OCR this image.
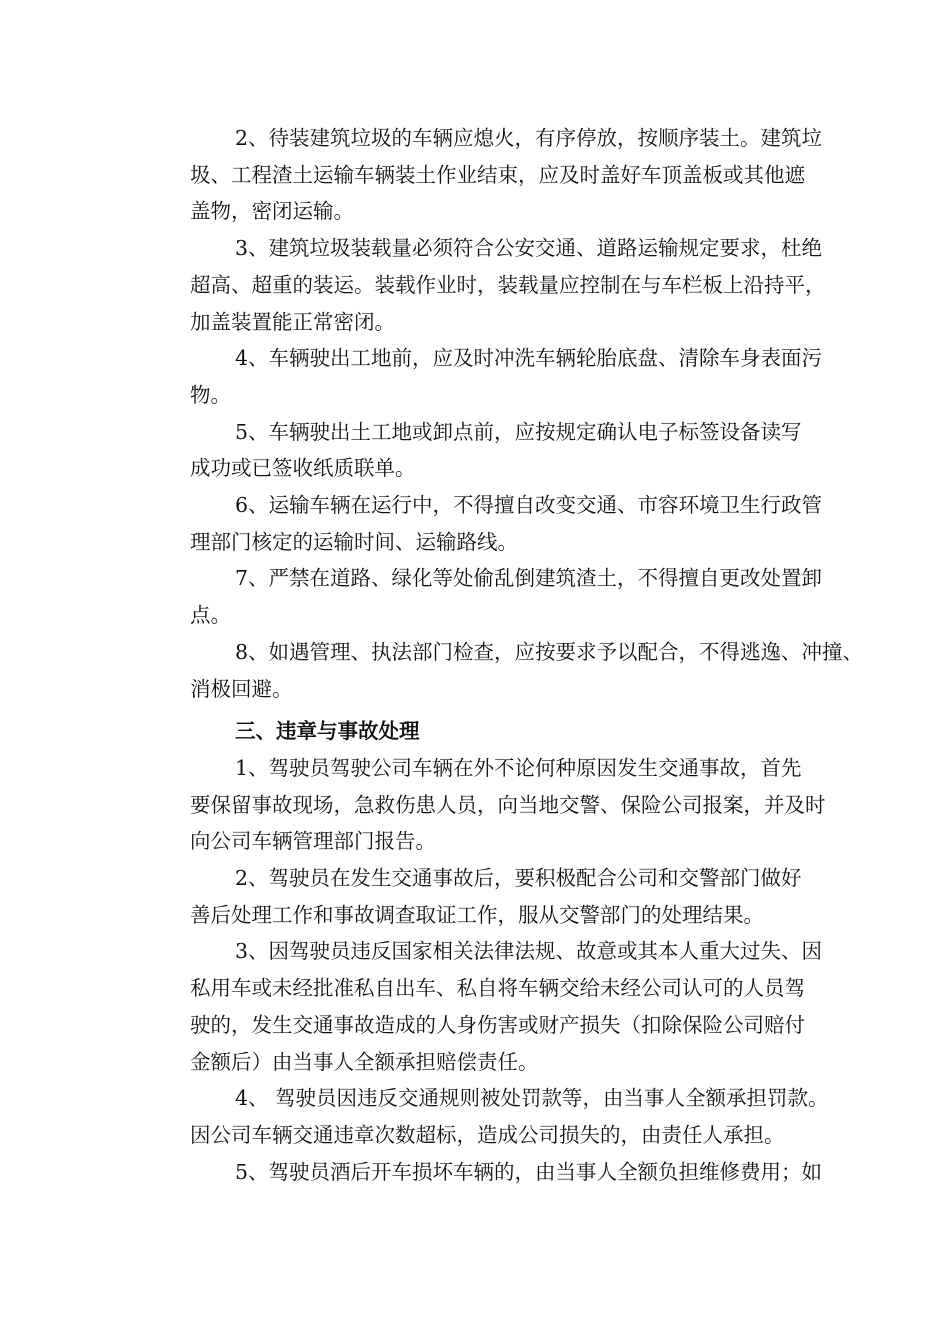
2、待装建筑垃圾的车辆应熄火，有序停放，按顺序装土。建筑垃
圾、工程渣土运输车辆装土作业结束，应及时盖好车顶盖板或其他遮
盖物，密闭运输。
3、建筑垃圾装载量必须符合公安交通、道路运输规定要求，杜绝
超高、超重的装运。装载作业时，装载量应控制在与车栏板上沿持平，
加盖装置能正常密闭。
4、车辆驶出工地前，应及时冲洗车辆轮胎底盘、清除车身表面污
物。
5、车辆驶出土工地或卸点前，应按规定确认电子标签设备读写
成功或已签收纸质联单。
6、运输车辆在运行中，不得擅自改变交通、市容环境卫生行政管
理部门核定的运输时间、运输路线。
7、严禁在道路、绿化等处偷乱倒建筑渣土，不得擅自更改处置卸
点。
8、如遇管理、执法部门检查，应按要求予以配合，不得逃逸、冲撞、
消极回避。
三、违章与事故处理
1、驾驶员驾驶公司车辆在外不论何种原因发生交通事故，首先
要保留事故现场，急救伤患人员，向当地交警、保险公司报案，并及时
向公司车辆管理部门报告。
2、驾驶员在发生交通事故后，要积极配合公司和交警部门做好
善后处理工作和事故调查取证工作，服从交警部门的处理结果。
3、因驾驶员违反国家相关法律法规、故意或其本人重大过失、因
私用车或未经批准私自出车、私自将车辆交给未经公司认可的人员驾
驶的，发生交通事故造成的人身伤害或财产损失（扣除保险公司赔付
金额后）由当事人全额承担赔偿责任。
4、 驾驶员因违反交通规则被处罚款等，由当事人全额承担罚款。
因公司车辆交通违章次数超标，造成公司损失的，由责任人承担。
5、驾驶员酒后开车损坏车辆的，由当事人全额负担维修费用；如
